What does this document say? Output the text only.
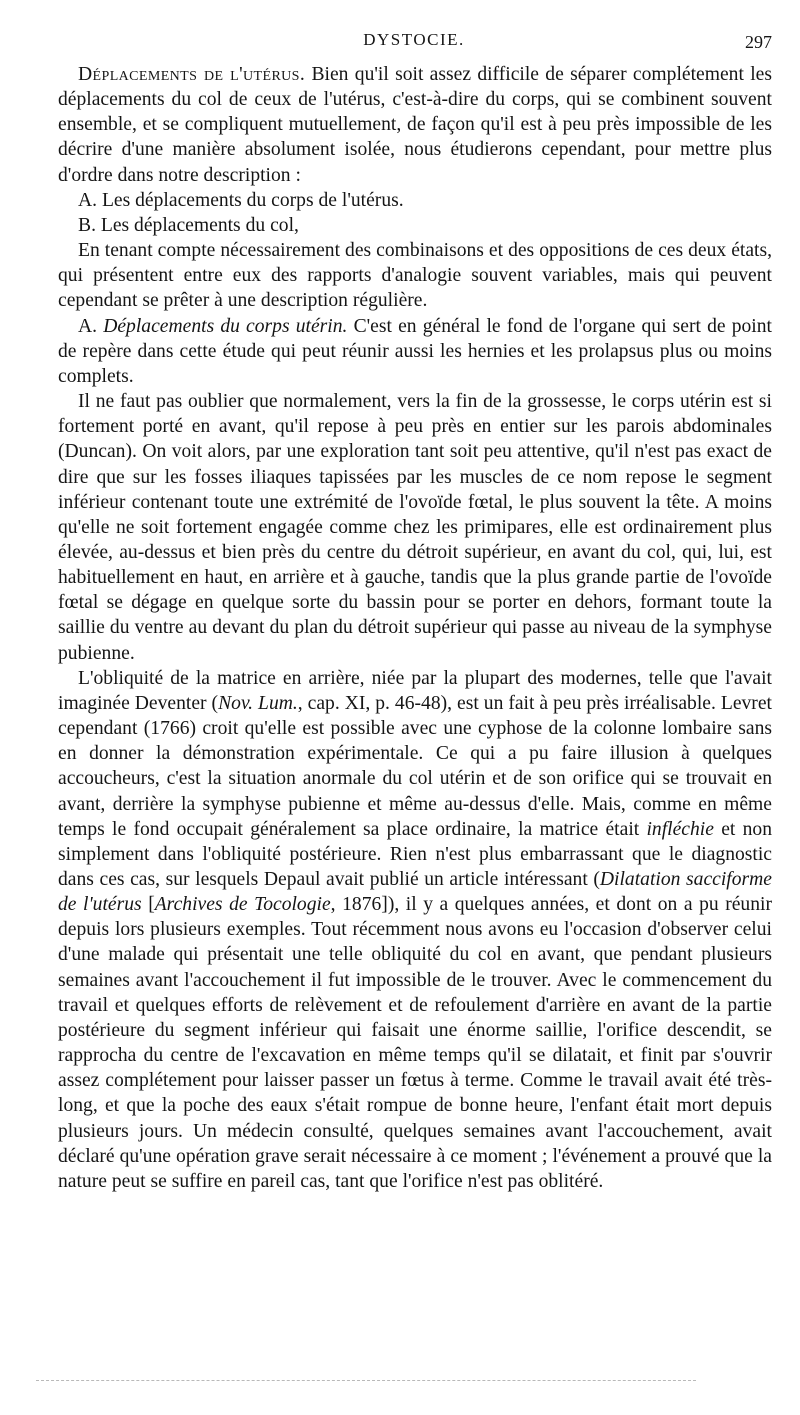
DYSTOCIE.	297

Déplacements de l'utérus. Bien qu'il soit assez difficile de séparer complétement les déplacements du col de ceux de l'utérus, c'est-à-dire du corps, qui se combinent souvent ensemble, et se compliquent mutuellement, de façon qu'il est à peu près impossible de les décrire d'une manière absolument isolée, nous étudierons cependant, pour mettre plus d'ordre dans notre description :

A. Les déplacements du corps de l'utérus.

B. Les déplacements du col,

En tenant compte nécessairement des combinaisons et des oppositions de ces deux états, qui présentent entre eux des rapports d'analogie souvent variables, mais qui peuvent cependant se prêter à une description régulière.

A. Déplacements du corps utérin. C'est en général le fond de l'organe qui sert de point de repère dans cette étude qui peut réunir aussi les hernies et les prolapsus plus ou moins complets.

Il ne faut pas oublier que normalement, vers la fin de la grossesse, le corps utérin est si fortement porté en avant, qu'il repose à peu près en entier sur les parois abdominales (Duncan). On voit alors, par une exploration tant soit peu attentive, qu'il n'est pas exact de dire que sur les fosses iliaques tapissées par les muscles de ce nom repose le segment inférieur contenant toute une extrémité de l'ovoïde fœtal, le plus souvent la tête. A moins qu'elle ne soit fortement engagée comme chez les primipares, elle est ordinairement plus élevée, au-dessus et bien près du centre du détroit supérieur, en avant du col, qui, lui, est habituellement en haut, en arrière et à gauche, tandis que la plus grande partie de l'ovoïde fœtal se dégage en quelque sorte du bassin pour se porter en dehors, formant toute la saillie du ventre au devant du plan du détroit supérieur qui passe au niveau de la symphyse pubienne.

L'obliquité de la matrice en arrière, niée par la plupart des modernes, telle que l'avait imaginée Deventer (Nov. Lum., cap. XI, p. 46-48), est un fait à peu près irréalisable. Levret cependant (1766) croit qu'elle est possible avec une cyphose de la colonne lombaire sans en donner la démonstration expérimentale. Ce qui a pu faire illusion à quelques accoucheurs, c'est la situation anormale du col utérin et de son orifice qui se trouvait en avant, derrière la symphyse pubienne et même au-dessus d'elle. Mais, comme en même temps le fond occupait généralement sa place ordinaire, la matrice était infléchie et non simplement dans l'obliquité postérieure. Rien n'est plus embarrassant que le diagnostic dans ces cas, sur lesquels Depaul avait publié un article intéressant (Dilatation sacciforme de l'utérus [Archives de Tocologie, 1876]), il y a quelques années, et dont on a pu réunir depuis lors plusieurs exemples. Tout récemment nous avons eu l'occasion d'observer celui d'une malade qui présentait une telle obliquité du col en avant, que pendant plusieurs semaines avant l'accouchement il fut impossible de le trouver. Avec le commencement du travail et quelques efforts de relèvement et de refoulement d'arrière en avant de la partie postérieure du segment inférieur qui faisait une énorme saillie, l'orifice descendit, se rapprocha du centre de l'excavation en même temps qu'il se dilatait, et finit par s'ouvrir assez complétement pour laisser passer un fœtus à terme. Comme le travail avait été très-long, et que la poche des eaux s'était rompue de bonne heure, l'enfant était mort depuis plusieurs jours. Un médecin consulté, quelques semaines avant l'accouchement, avait déclaré qu'une opération grave serait nécessaire à ce moment ; l'événement a prouvé que la nature peut se suffire en pareil cas, tant que l'orifice n'est pas oblitéré.
